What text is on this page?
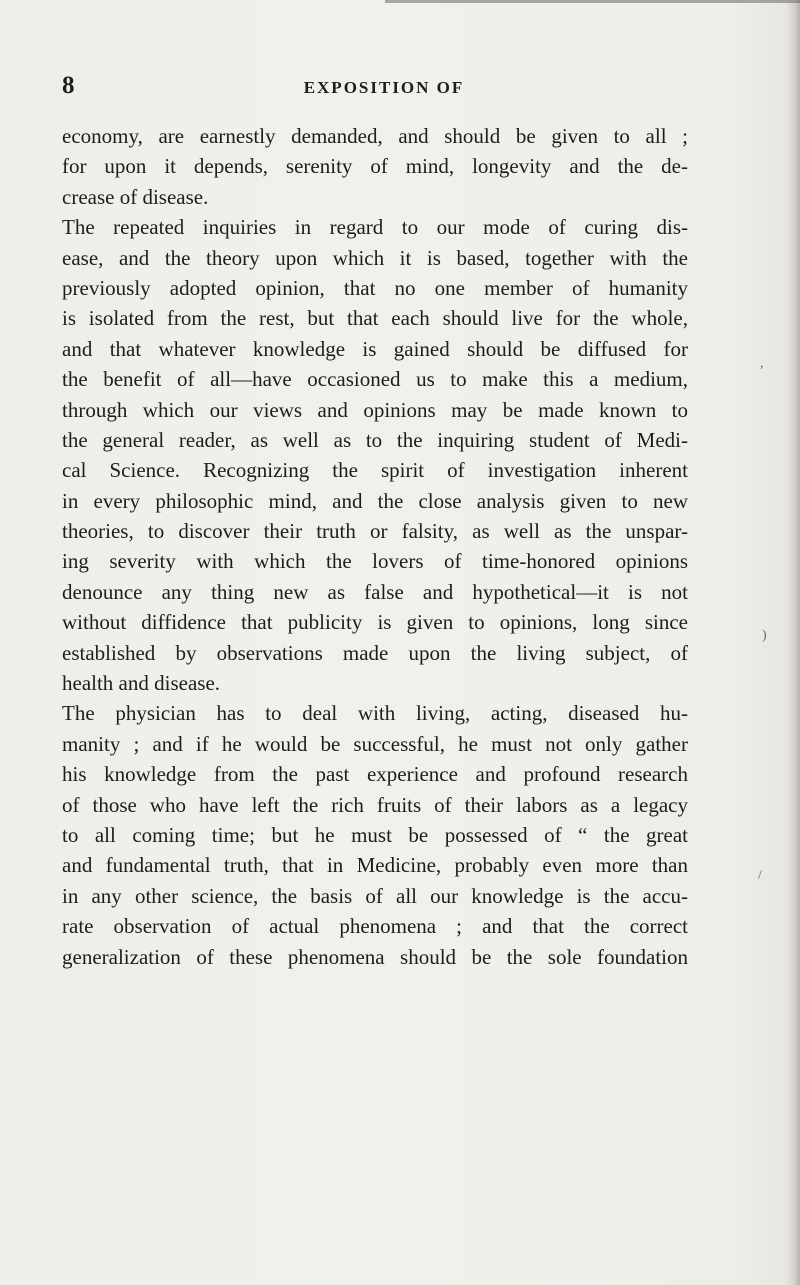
8	EXPOSITION OF
economy, are earnestly demanded, and should be given to all ;
for upon it depends, serenity of mind, longevity and the de-
crease of disease.
The repeated inquiries in regard to our mode of curing dis-
ease, and the theory upon which it is based, together with the
previously adopted opinion, that no one member of humanity
is isolated from the rest, but that each should live for the whole,
and that whatever knowledge is gained should be diffused for
the benefit of all—have occasioned us to make this a medium,
through which our views and opinions may be made known to
the general reader, as well as to the inquiring student of Medi-
cal Science. Recognizing the spirit of investigation inherent
in every philosophic mind, and the close analysis given to new
theories, to discover their truth or falsity, as well as the unspar-
ing severity with which the lovers of time-honored opinions
denounce any thing new as false and hypothetical—it is not
without diffidence that publicity is given to opinions, long since
established by observations made upon the living subject, of
health and disease.
The physician has to deal with living, acting, diseased hu-
manity ; and if he would be successful, he must not only gather
his knowledge from the past experience and profound research
of those who have left the rich fruits of their labors as a legacy
to all coming time; but he must be possessed of “ the great
and fundamental truth, that in Medicine, probably even more than
in any other science, the basis of all our knowledge is the accu-
rate observation of actual phenomena ; and that the correct
generalization of these phenomena should be the sole foundation
,
)
/
